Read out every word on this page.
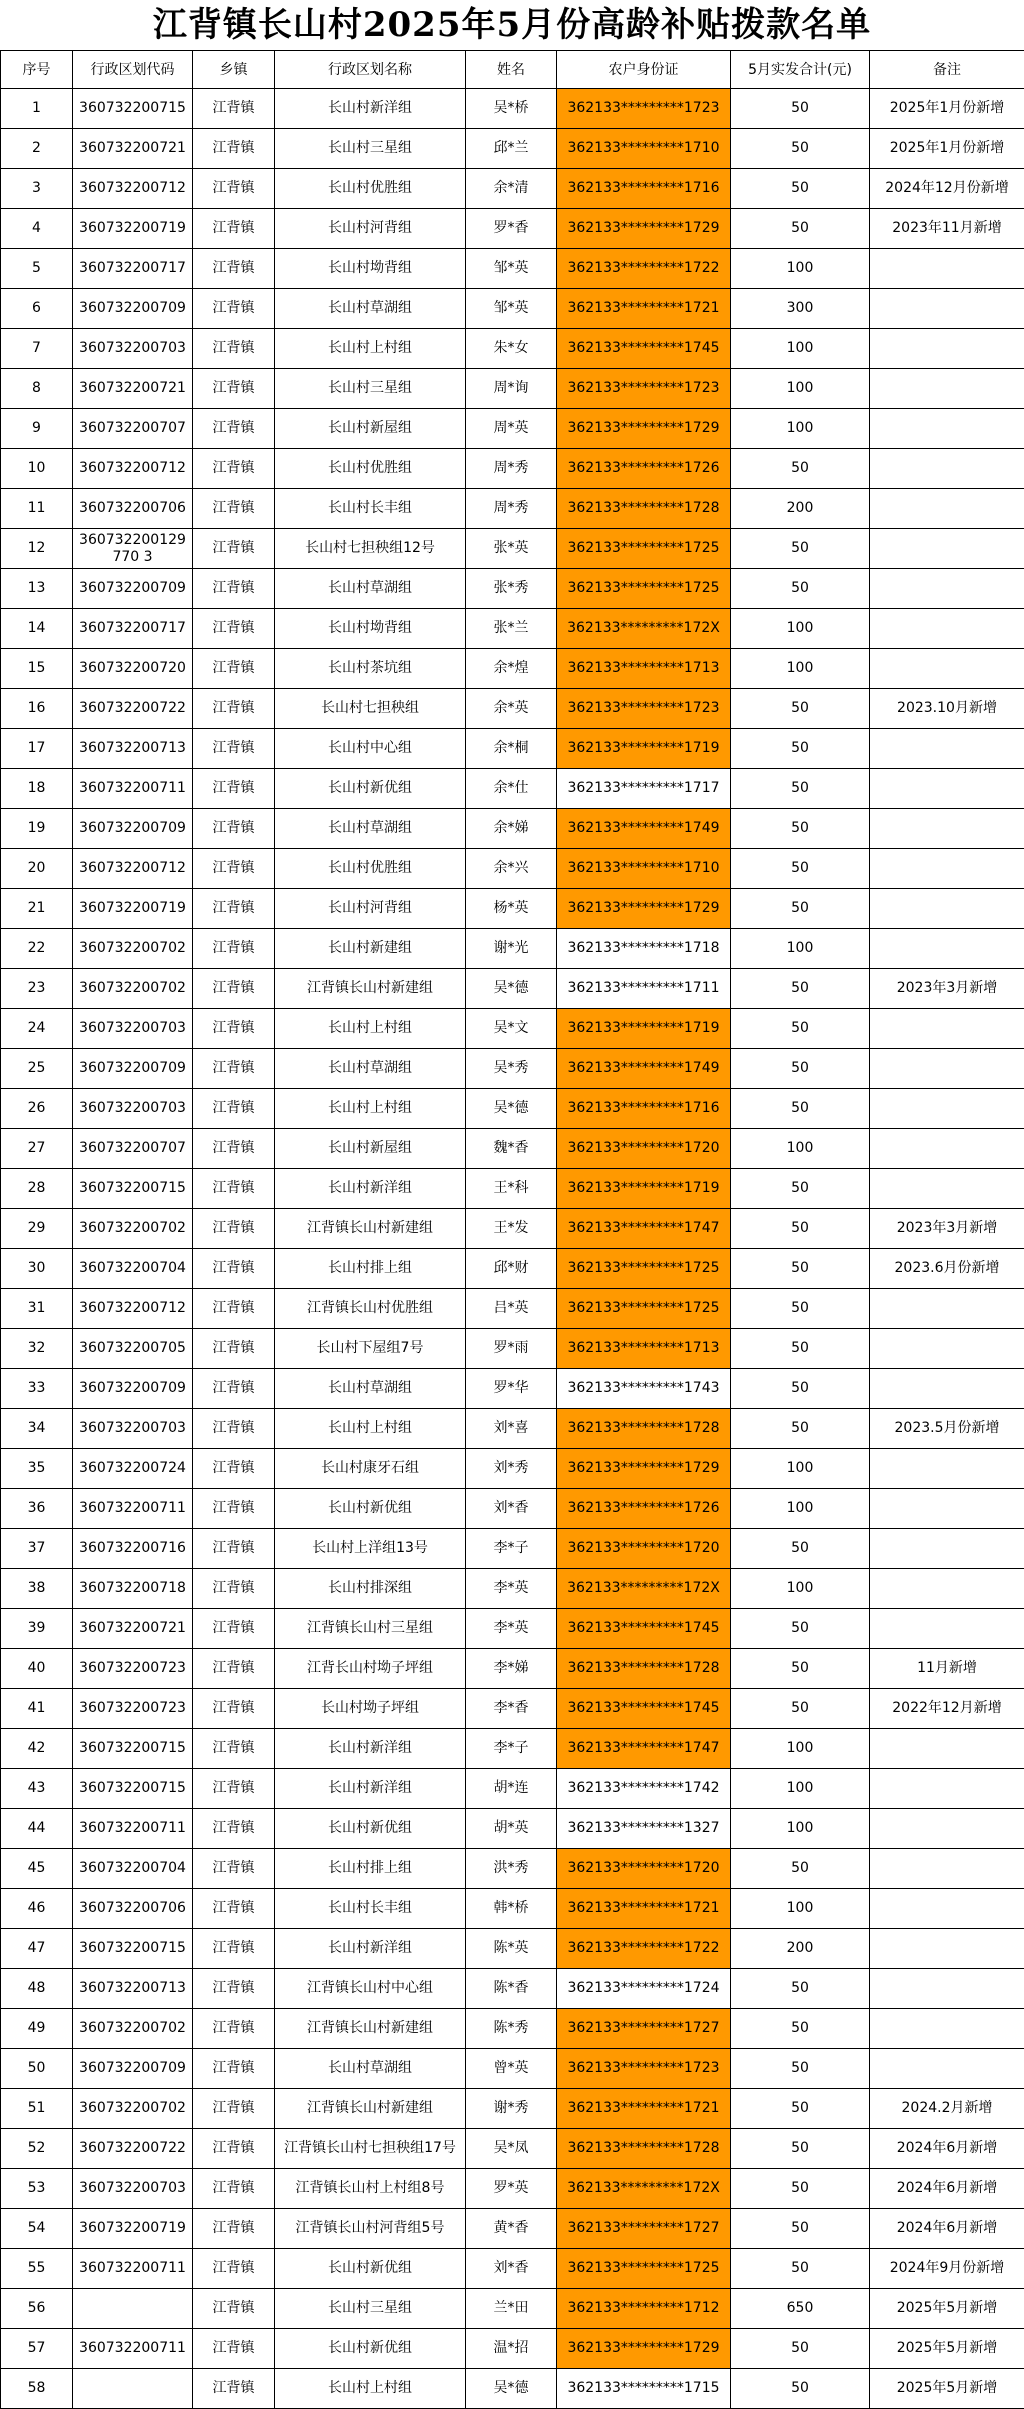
江背镇长山村2025年5月份高龄补贴拨款名单
序号	行政区划代码	乡镇	行政区划名称	姓名	农户身份证	5月实发合计(元)	备注
1	360732200715	江背镇	长山村新洋组	吴*桥	362133*********1723	50	2025年1月份新增
2	360732200721	江背镇	长山村三星组	邱*兰	362133*********1710	50	2025年1月份新增
3	360732200712	江背镇	长山村优胜组	余*清	362133*********1716	50	2024年12月份新增
4	360732200719	江背镇	长山村河背组	罗*香	362133*********1729	50	2023年11月新增
5	360732200717	江背镇	长山村坳背组	邹*英	362133*********1722	100	
6	360732200709	江背镇	长山村草湖组	邹*英	362133*********1721	300	
7	360732200703	江背镇	长山村上村组	朱*女	362133*********1745	100	
8	360732200721	江背镇	长山村三星组	周*询	362133*********1723	100	
9	360732200707	江背镇	长山村新屋组	周*英	362133*********1729	100	
10	360732200712	江背镇	长山村优胜组	周*秀	362133*********1726	50	
11	360732200706	江背镇	长山村长丰组	周*秀	362133*********1728	200	
12	360732200129770 3	江背镇	长山村七担秧组12号	张*英	362133*********1725	50	
13	360732200709	江背镇	长山村草湖组	张*秀	362133*********1725	50	
14	360732200717	江背镇	长山村坳背组	张*兰	362133*********172X	100	
15	360732200720	江背镇	长山村茶坑组	余*煌	362133*********1713	100	
16	360732200722	江背镇	长山村七担秧组	余*英	362133*********1723	50	2023.10月新增
17	360732200713	江背镇	长山村中心组	余*桐	362133*********1719	50	
18	360732200711	江背镇	长山村新优组	余*仕	362133*********1717	50	
19	360732200709	江背镇	长山村草湖组	余*娣	362133*********1749	50	
20	360732200712	江背镇	长山村优胜组	余*兴	362133*********1710	50	
21	360732200719	江背镇	长山村河背组	杨*英	362133*********1729	50	
22	360732200702	江背镇	长山村新建组	谢*光	362133*********1718	100	
23	360732200702	江背镇	江背镇长山村新建组	吴*德	362133*********1711	50	2023年3月新增
24	360732200703	江背镇	长山村上村组	吴*文	362133*********1719	50	
25	360732200709	江背镇	长山村草湖组	吴*秀	362133*********1749	50	
26	360732200703	江背镇	长山村上村组	吴*德	362133*********1716	50	
27	360732200707	江背镇	长山村新屋组	魏*香	362133*********1720	100	
28	360732200715	江背镇	长山村新洋组	王*科	362133*********1719	50	
29	360732200702	江背镇	江背镇长山村新建组	王*发	362133*********1747	50	2023年3月新增
30	360732200704	江背镇	长山村排上组	邱*财	362133*********1725	50	2023.6月份新增
31	360732200712	江背镇	江背镇长山村优胜组	吕*英	362133*********1725	50	
32	360732200705	江背镇	长山村下屋组7号	罗*雨	362133*********1713	50	
33	360732200709	江背镇	长山村草湖组	罗*华	362133*********1743	50	
34	360732200703	江背镇	长山村上村组	刘*喜	362133*********1728	50	2023.5月份新增
35	360732200724	江背镇	长山村康牙石组	刘*秀	362133*********1729	100	
36	360732200711	江背镇	长山村新优组	刘*香	362133*********1726	100	
37	360732200716	江背镇	长山村上洋组13号	李*子	362133*********1720	50	
38	360732200718	江背镇	长山村排深组	李*英	362133*********172X	100	
39	360732200721	江背镇	江背镇长山村三星组	李*英	362133*********1745	50	
40	360732200723	江背镇	江背长山村坳子坪组	李*娣	362133*********1728	50	11月新增
41	360732200723	江背镇	长山村坳子坪组	李*香	362133*********1745	50	2022年12月新增
42	360732200715	江背镇	长山村新洋组	李*子	362133*********1747	100	
43	360732200715	江背镇	长山村新洋组	胡*连	362133*********1742	100	
44	360732200711	江背镇	长山村新优组	胡*英	362133*********1327	100	
45	360732200704	江背镇	长山村排上组	洪*秀	362133*********1720	50	
46	360732200706	江背镇	长山村长丰组	韩*桥	362133*********1721	100	
47	360732200715	江背镇	长山村新洋组	陈*英	362133*********1722	200	
48	360732200713	江背镇	江背镇长山村中心组	陈*香	362133*********1724	50	
49	360732200702	江背镇	江背镇长山村新建组	陈*秀	362133*********1727	50	
50	360732200709	江背镇	长山村草湖组	曾*英	362133*********1723	50	
51	360732200702	江背镇	江背镇长山村新建组	谢*秀	362133*********1721	50	2024.2月新增
52	360732200722	江背镇	江背镇长山村七担秧组17号	吴*凤	362133*********1728	50	2024年6月新增
53	360732200703	江背镇	江背镇长山村上村组8号	罗*英	362133*********172X	50	2024年6月新增
54	360732200719	江背镇	江背镇长山村河背组5号	黄*香	362133*********1727	50	2024年6月新增
55	360732200711	江背镇	长山村新优组	刘*香	362133*********1725	50	2024年9月份新增
56		江背镇	长山村三星组	兰*田	362133*********1712	650	2025年5月新增
57	360732200711	江背镇	长山村新优组	温*招	362133*********1729	50	2025年5月新增
58		江背镇	长山村上村组	吴*德	362133*********1715	50	2025年5月新增
